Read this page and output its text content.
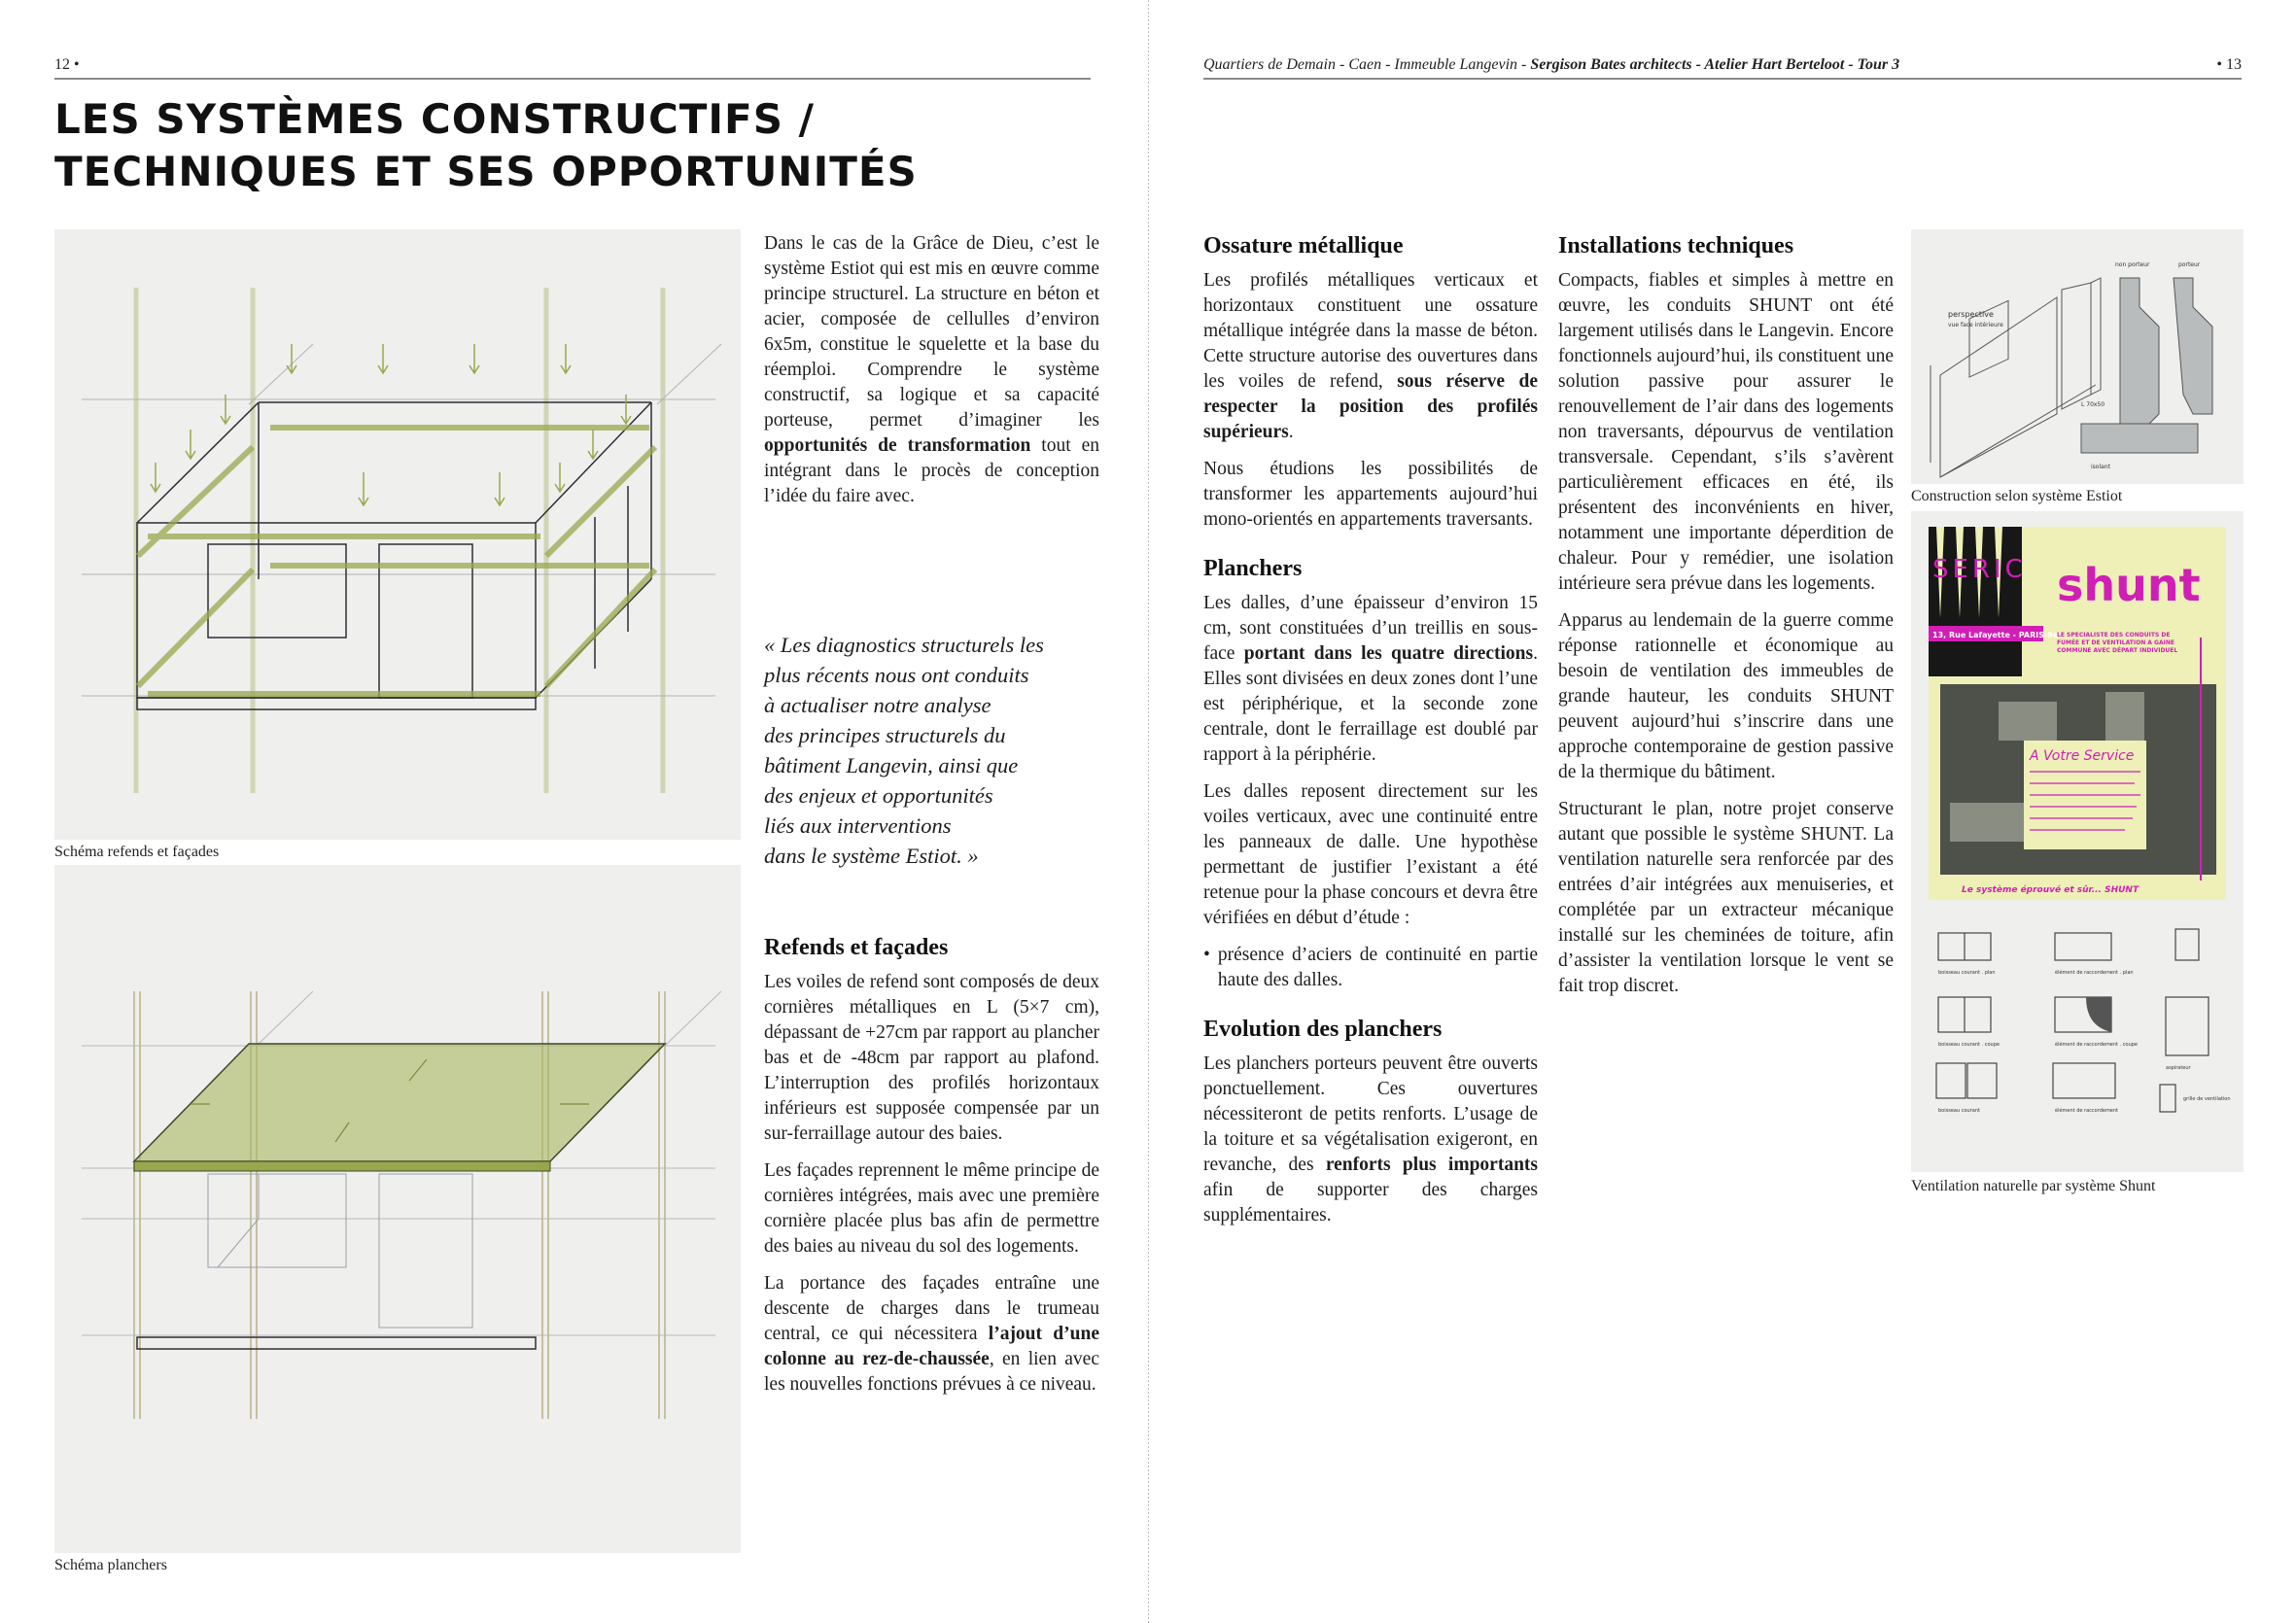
12 •
LES SYSTÈMES CONSTRUCTIFS /
TECHNIQUES ET SES OPPORTUNITÉS
Schéma refends et façades
Schéma planchers

Dans le cas de la Grâce de Dieu, c’est le système Estiot qui est mis en œuvre comme principe structurel. La structure en béton et acier, composée de cellulles d’environ 6x5m, constitue le squelette et la base du réemploi. Comprendre le système constructif, sa logique et sa capacité porteuse, permet d’imaginer les opportunités de transformation tout en intégrant dans le procès de conception l’idée du faire avec.

« Les diagnostics structurels les
plus récents nous ont conduits
à actualiser notre analyse
des principes structurels du
bâtiment Langevin, ainsi que
des enjeux et opportunités
liés aux interventions
dans le système Estiot. »
Refends et façades

Les voiles de refend sont composés de deux cornières métalliques en L (5×7 cm), dépassant de +27cm par rapport au plancher bas et de -48cm par rapport au plafond. L’interruption des profilés horizontaux inférieurs est supposée compensée par un sur-ferraillage autour des baies.

Les façades reprennent le même principe de cornières intégrées, mais avec une première cornière placée plus bas afin de permettre des baies au niveau du sol des logements.

La portance des façades entraîne une descente de charges dans le trumeau central, ce qui nécessitera l’ajout d’une colonne au rez-de-chaussée, en lien avec les nouvelles fonctions prévues à ce niveau.

Quartiers de Demain - Caen - Immeuble Langevin - Sergison Bates architects - Atelier Hart Berteloot - Tour 3	• 13
Ossature métallique

Les profilés métalliques verticaux et horizontaux constituent une ossature métallique intégrée dans la masse de béton. Cette structure autorise des ouvertures dans les voiles de refend, sous réserve de respecter la position des profilés supérieurs.

Nous étudions les possibilités de transformer les appartements aujourd’hui mono-orientés en appartements traversants.

Planchers

Les dalles, d’une épaisseur d’environ 15 cm, sont constituées d’un treillis en sous-face portant dans les quatre directions. Elles sont divisées en deux zones dont l’une est périphérique, et la seconde zone centrale, dont le ferraillage est doublé par rapport à la périphérie.

Les dalles reposent directement sur les voiles verticaux, avec une continuité entre les panneaux de dalle. Une hypothèse permettant de justifier l’existant a été retenue pour la phase concours et devra être vérifiées en début d’étude :

• présence d’aciers de continuité en partie haute des dalles.
Evolution des planchers

Les planchers porteurs peuvent être ouverts ponctuellement. Ces ouvertures nécessiteront de petits renforts. L’usage de la toiture et sa végétalisation exigeront, en revanche, des renforts plus importants afin de supporter des charges supplémentaires.

Installations techniques

Compacts, fiables et simples à mettre en œuvre, les conduits SHUNT ont été largement utilisés dans le Langevin. Encore fonctionnels aujourd’hui, ils constituent une solution passive pour assurer le renouvellement de l’air dans des logements non traversants, dépourvus de ventilation transversale. Cependant, s’ils s’avèrent particulièrement efficaces en été, ils présentent des inconvénients en hiver, notamment une importante déperdition de chaleur. Pour y remédier, une isolation intérieure sera prévue dans les logements.

Apparus au lendemain de la guerre comme réponse rationnelle et économique au besoin de ventilation des immeubles de grande hauteur, les conduits SHUNT peuvent aujourd’hui s’inscrire dans une approche contemporaine de gestion passive de la thermique du bâtiment.

Structurant le plan, notre projet conserve autant que possible le système SHUNT. La ventilation naturelle sera renforcée par des entrées d’air intégrées aux menuiseries, et complétée par un extracteur mécanique installé sur les cheminées de toiture, afin d’assister la ventilation lorsque le vent se fait trop discret.

perspective
vue face intérieure
non porteur	porteur
L 70x50
isolant
Construction selon système Estiot
SERIC
13, Rue Lafayette - PARIS-9e
shunt
LE SPÉCIALISTE DES CONDUITS DE FUMÉE ET DE VENTILATION A GAINE COMMUNE AVEC DÉPART INDIVIDUEL
A Votre Service
Le système éprouvé et sûr... SHUNT
boisseau courant . plan	élément de raccordement . plan
boisseau courant . coupe	élément de raccordement . coupe
boisseau courant	élément de raccordement
grille de ventilation
aspirateur
Ventilation naturelle par système Shunt
